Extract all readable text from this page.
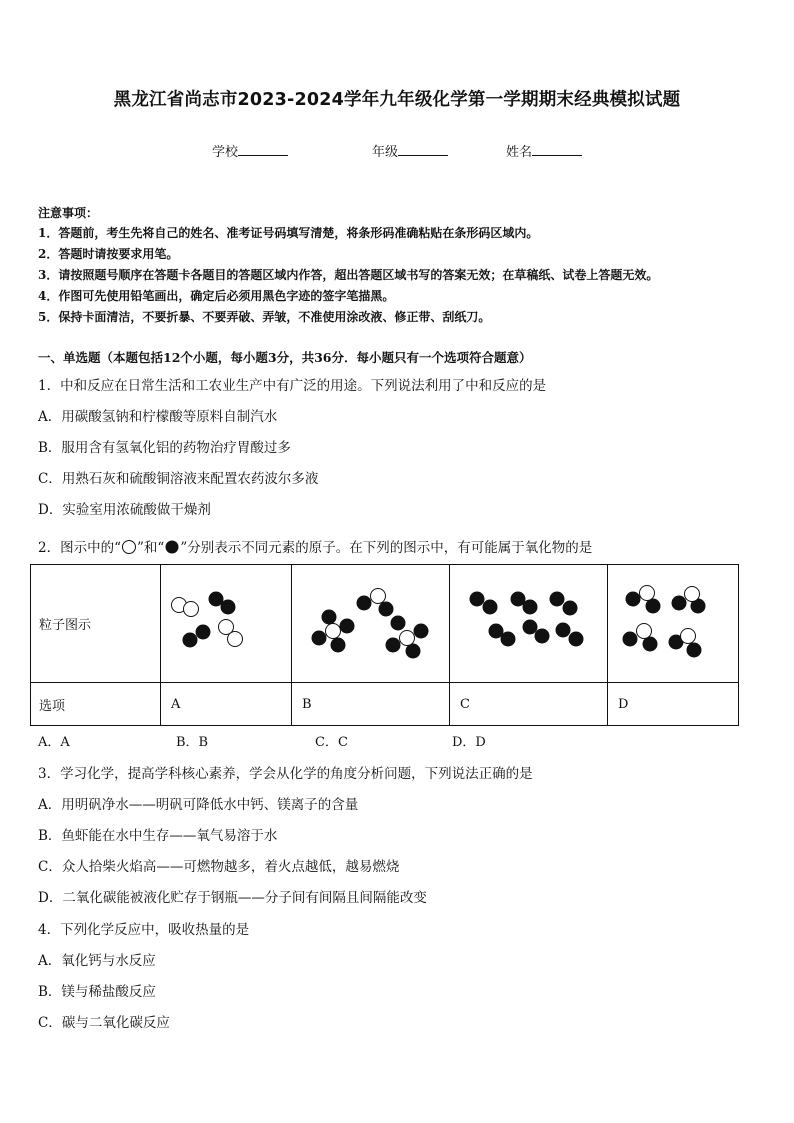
黑龙江省尚志市2023-2024学年九年级化学第一学期期末经典模拟试题
学校	年级	姓名
注意事项：
1．答题前，考生先将自己的姓名、准考证号码填写清楚，将条形码准确粘贴在条形码区域内。
2．答题时请按要求用笔。
3．请按照题号顺序在答题卡各题目的答题区域内作答，超出答题区域书写的答案无效；在草稿纸、试卷上答题无效。
4．作图可先使用铅笔画出，确定后必须用黑色字迹的签字笔描黑。
5．保持卡面清洁，不要折暴、不要弄破、弄皱，不准使用涂改液、修正带、刮纸刀。
一、单选题（本题包括12个小题，每小题3分，共36分．每小题只有一个选项符合题意）
1．中和反应在日常生活和工农业生产中有广泛的用途。下列说法利用了中和反应的是
A．用碳酸氢钠和柠檬酸等原料自制汽水
B．服用含有氢氧化铝的药物治疗胃酸过多
C．用熟石灰和硫酸铜溶液来配置农药波尔多液
D．实验室用浓硫酸做干燥剂
2．图示中的“ ”和“ ”分别表示不同元素的原子。在下列的图示中，有可能属于氧化物的是
粒子图示				
选项	A	B	C	D
A．A	B．B	C．C	D．D
3．学习化学，提高学科核心素养，学会从化学的角度分析问题，下列说法正确的是
A．用明矾净水——明矾可降低水中钙、镁离子的含量
B．鱼虾能在水中生存——氧气易溶于水
C．众人拾柴火焰高——可燃物越多，着火点越低，越易燃烧
D．二氧化碳能被液化贮存于钢瓶——分子间有间隔且间隔能改变
4．下列化学反应中，吸收热量的是
A．氧化钙与水反应
B．镁与稀盐酸反应
C．碳与二氧化碳反应
